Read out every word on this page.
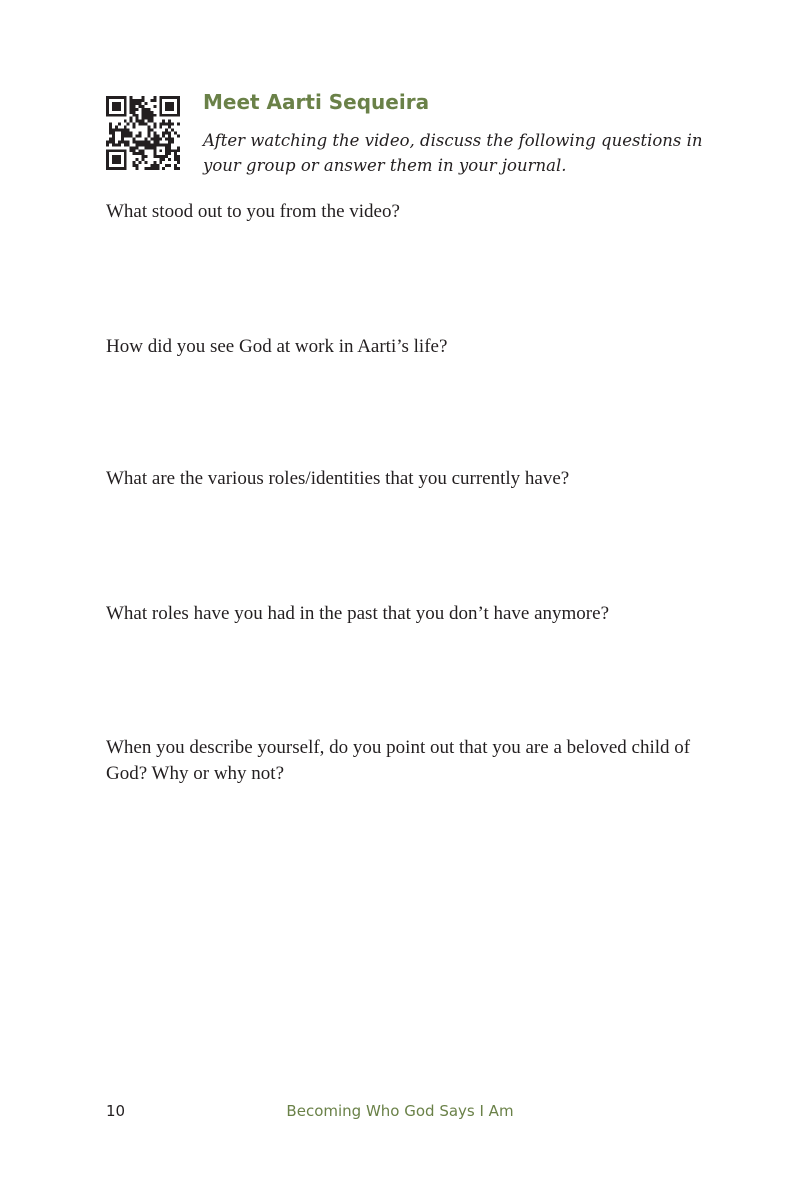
Meet Aarti Sequeira
After watching the video, discuss the following questions in your group or answer them in your journal.
What stood out to you from the video?
How did you see God at work in Aarti’s life?
What are the various roles/identities that you currently have?
What roles have you had in the past that you don’t have anymore?
When you describe yourself, do you point out that you are a beloved child of God? Why or why not?
10	Becoming Who God Says I Am
